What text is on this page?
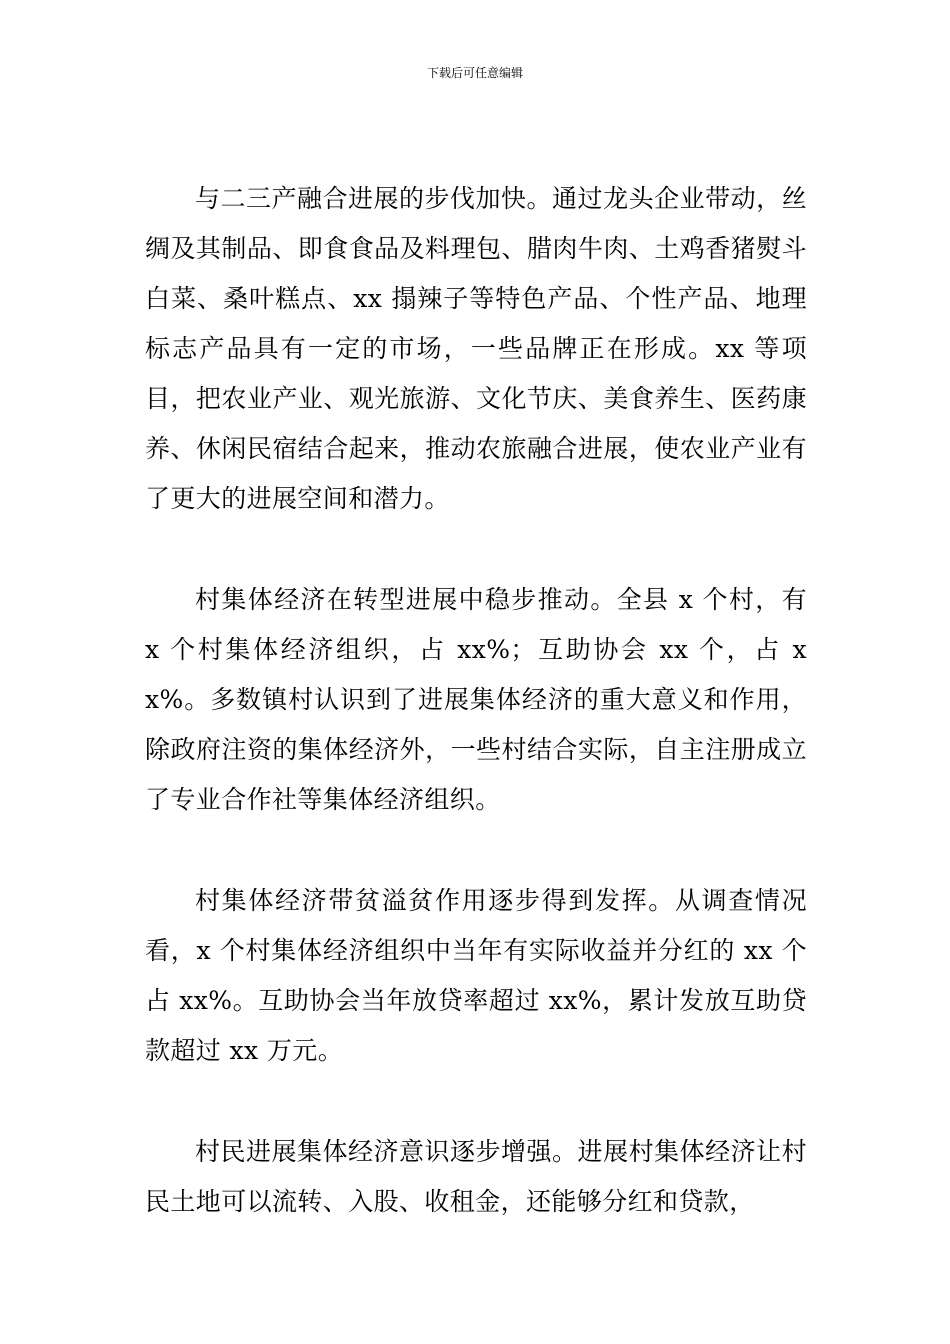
下载后可任意编辑

与二三产融合进展的步伐加快。通过龙头企业带动，丝绸及其制品、即食食品及料理包、腊肉牛肉、土鸡香猪熨斗白菜、桑叶糕点、xx 搨辣子等特色产品、个性产品、地理标志产品具有一定的市场，一些品牌正在形成。xx 等项目，把农业产业、观光旅游、文化节庆、美食养生、医药康养、休闲民宿结合起来，推动农旅融合进展，使农业产业有了更大的进展空间和潜力。

村集体经济在转型进展中稳步推动。全县 x 个村，有 x 个村集体经济组织，占 xx%；互助协会 xx 个，占 xx%。多数镇村认识到了进展集体经济的重大意义和作用，除政府注资的集体经济外，一些村结合实际，自主注册成立了专业合作社等集体经济组织。

村集体经济带贫溢贫作用逐步得到发挥。从调查情况看，x 个村集体经济组织中当年有实际收益并分红的 xx 个占 xx%。互助协会当年放贷率超过 xx%，累计发放互助贷款超过 xx 万元。

村民进展集体经济意识逐步增强。进展村集体经济让村民土地可以流转、入股、收租金，还能够分红和贷款，
